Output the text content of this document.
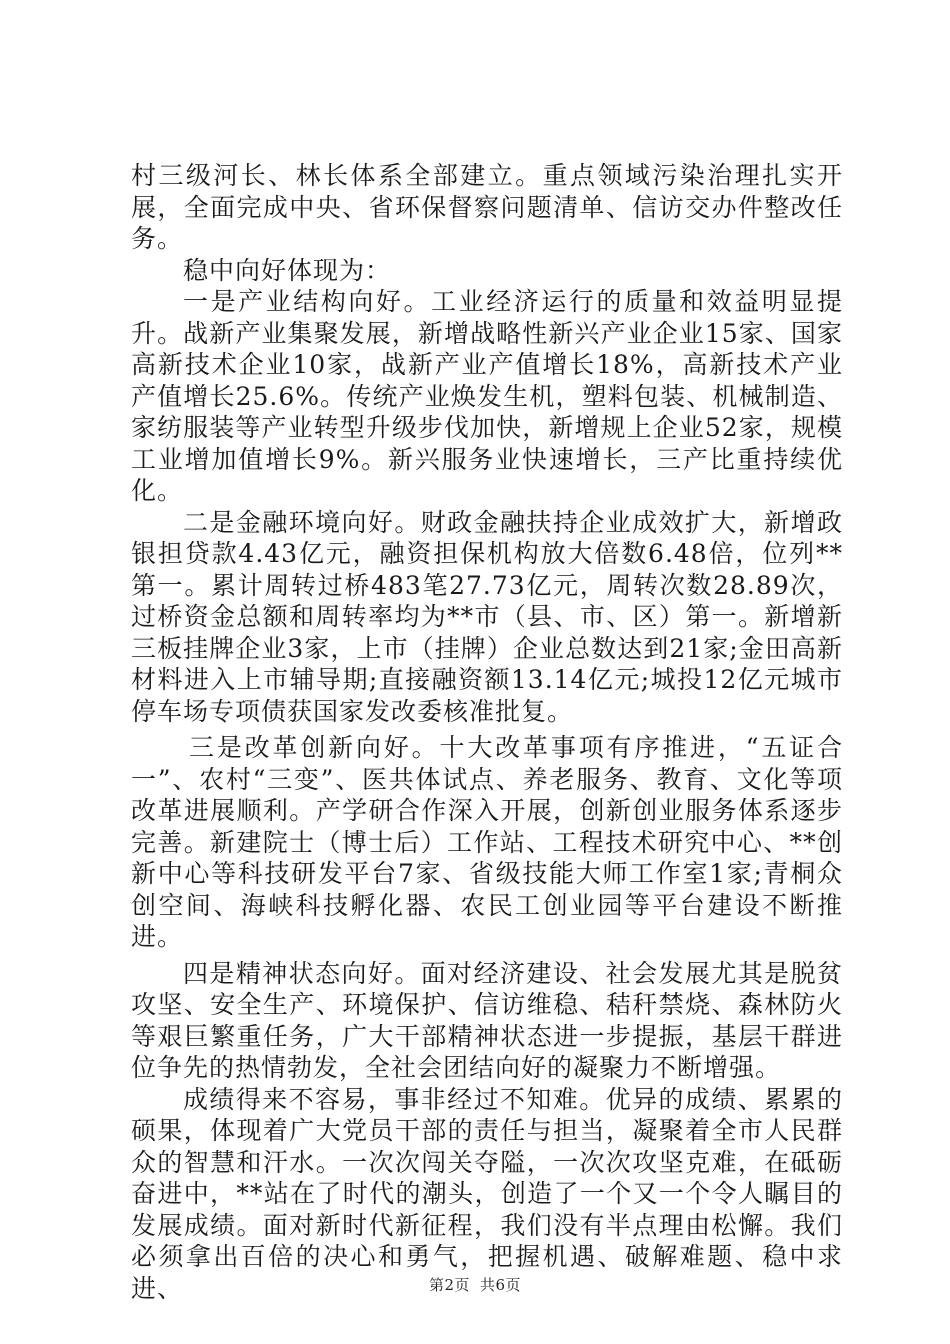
村三级河长、林长体系全部建立。重点领域污染治理扎实开展，全面完成中央、省环保督察问题清单、信访交办件整改任务。

稳中向好体现为：

一是产业结构向好。工业经济运行的质量和效益明显提升。战新产业集聚发展，新增战略性新兴产业企业15家、国家高新技术企业10家，战新产业产值增长18%，高新技术产业产值增长25.6%。传统产业焕发生机，塑料包装、机械制造、家纺服装等产业转型升级步伐加快，新增规上企业52家，规模工业增加值增长9%。新兴服务业快速增长，三产比重持续优化。

二是金融环境向好。财政金融扶持企业成效扩大，新增政银担贷款4.43亿元，融资担保机构放大倍数6.48倍，位列**第一。累计周转过桥483笔27.73亿元，周转次数28.89次，过桥资金总额和周转率均为**市（县、市、区）第一。新增新三板挂牌企业3家，上市（挂牌）企业总数达到21家;金田高新材料进入上市辅导期;直接融资额13.14亿元;城投12亿元城市停车场专项债获国家发改委核准批复。

三是改革创新向好。十大改革事项有序推进，“五证合一”、农村“三变”、医共体试点、养老服务、教育、文化等项改革进展顺利。产学研合作深入开展，创新创业服务体系逐步完善。新建院士（博士后）工作站、工程技术研究中心、**创新中心等科技研发平台7家、省级技能大师工作室1家;青桐众创空间、海峡科技孵化器、农民工创业园等平台建设不断推进。

四是精神状态向好。面对经济建设、社会发展尤其是脱贫攻坚、安全生产、环境保护、信访维稳、秸秆禁烧、森林防火等艰巨繁重任务，广大干部精神状态进一步提振，基层干群进位争先的热情勃发，全社会团结向好的凝聚力不断增强。

成绩得来不容易，事非经过不知难。优异的成绩、累累的硕果，体现着广大党员干部的责任与担当，凝聚着全市人民群众的智慧和汗水。一次次闯关夺隘，一次次攻坚克难，在砥砺奋进中，**站在了时代的潮头，创造了一个又一个令人瞩目的发展成绩。面对新时代新征程，我们没有半点理由松懈。我们必须拿出百倍的决心和勇气，把握机遇、破解难题、稳中求进、	第2页 共6页
